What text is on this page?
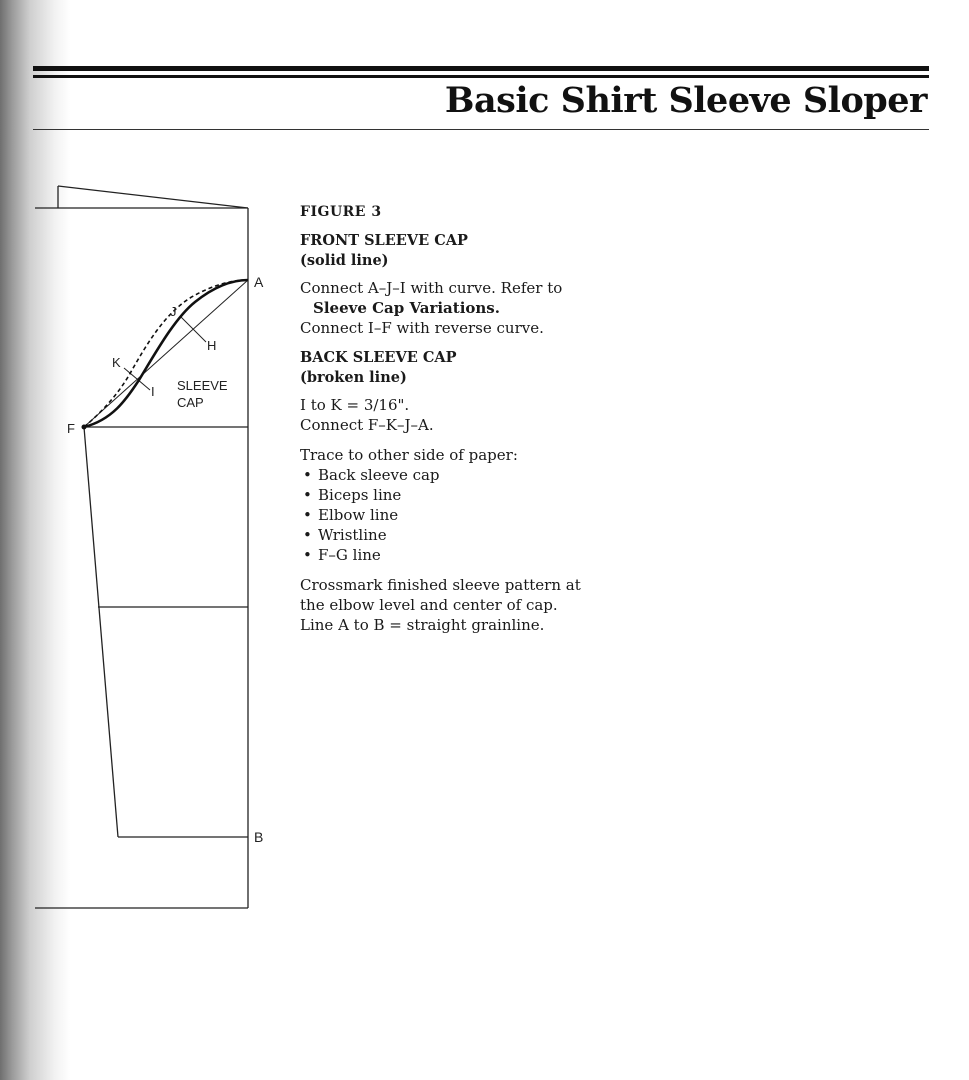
Basic Shirt Sleeve Sloper
A
J
H
K
I SLEEVE
CAP
F
B

FIGURE 3

FRONT SLEEVE CAP

(solid line)

Connect A–J–I with curve. Refer to

Sleeve Cap Variations.

Connect I–F with reverse curve.

BACK SLEEVE CAP

(broken line)

I to K = 3/16".

Connect F–K–J–A.

Trace to other side of paper:

• Back sleeve cap
• Biceps line
• Elbow line
• Wristline
• F–G line

Crossmark finished sleeve pattern at

the elbow level and center of cap.

Line A to B = straight grainline.
